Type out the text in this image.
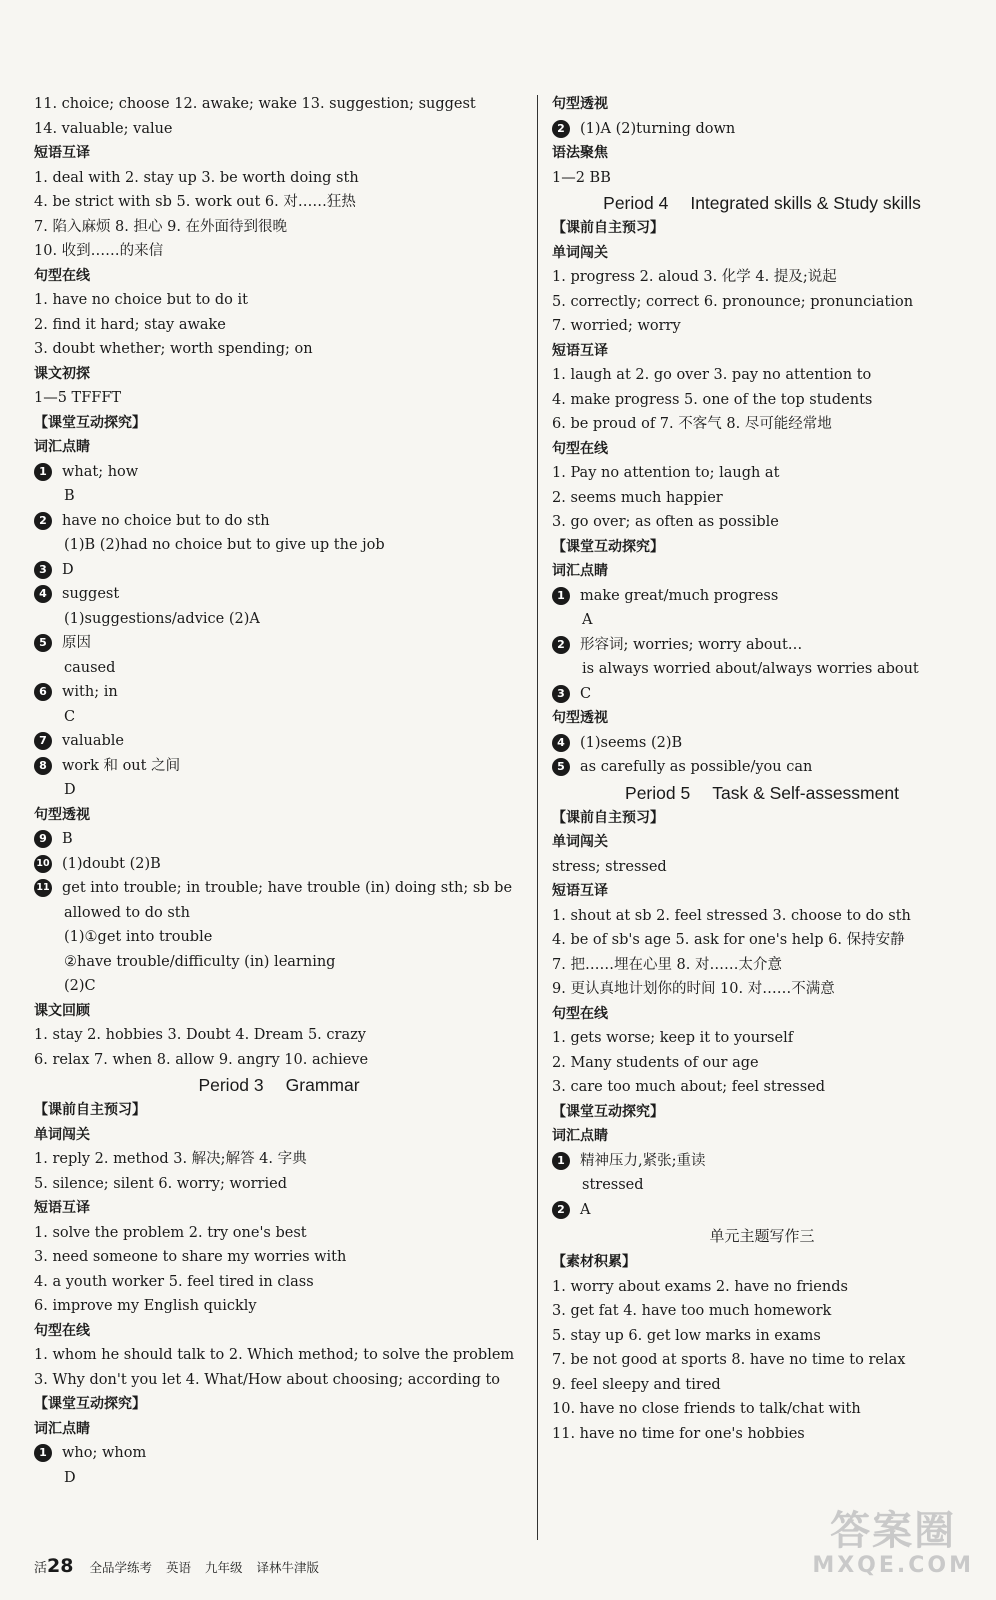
11. choice; choose 12. awake; wake 13. suggestion; suggest
14. valuable; value
短语互译
1. deal with 2. stay up 3. be worth doing sth
4. be strict with sb 5. work out 6. 对……狂热
7. 陷入麻烦 8. 担心 9. 在外面待到很晚
10. 收到……的来信
句型在线
1. have no choice but to do it
2. find it hard; stay awake
3. doubt whether; worth spending; on
课文初探
1—5 TFFFT
【课堂互动探究】
词汇点睛
1	what; how
B
2	have no choice but to do sth
(1)B (2)had no choice but to give up the job
3	D
4	suggest
(1)suggestions/advice (2)A
5	原因
caused
6	with; in
C
7	valuable
8	work 和 out 之间
D
句型透视
9	B
10 (1)doubt (2)B
11 get into trouble; in trouble; have trouble (in) doing sth; sb be
allowed to do sth
(1)①get into trouble
②have trouble/difficulty (in) learning
(2)C
课文回顾
1. stay 2. hobbies 3. Doubt 4. Dream 5. crazy
6. relax 7. when 8. allow 9. angry 10. achieve
Period 3 Grammar
【课前自主预习】
单词闯关
1. reply 2. method 3. 解决;解答 4. 字典
5. silence; silent 6. worry; worried
短语互译
1. solve the problem 2. try one's best
3. need someone to share my worries with
4. a youth worker 5. feel tired in class
6. improve my English quickly
句型在线
1. whom he should talk to 2. Which method; to solve the problem
3. Why don't you let 4. What/How about choosing; according to
【课堂互动探究】
词汇点睛
1	who; whom
D
句型透视
2	(1)A (2)turning down
语法聚焦
1—2 BB
Period 4 Integrated skills & Study skills
【课前自主预习】
单词闯关
1. progress 2. aloud 3. 化学 4. 提及;说起
5. correctly; correct 6. pronounce; pronunciation
7. worried; worry
短语互译
1. laugh at 2. go over 3. pay no attention to
4. make progress 5. one of the top students
6. be proud of 7. 不客气 8. 尽可能经常地
句型在线
1. Pay no attention to; laugh at
2. seems much happier
3. go over; as often as possible
【课堂互动探究】
词汇点睛
1	make great/much progress
A
2	形容词; worries; worry about…
is always worried about/always worries about
3	C
句型透视
4	(1)seems (2)B
5	as carefully as possible/you can
Period 5 Task & Self-assessment
【课前自主预习】
单词闯关
stress; stressed
短语互译
1. shout at sb 2. feel stressed 3. choose to do sth
4. be of sb's age 5. ask for one's help 6. 保持安静
7. 把……埋在心里 8. 对……太介意
9. 更认真地计划你的时间 10. 对……不满意
句型在线
1. gets worse; keep it to yourself
2. Many students of our age
3. care too much about; feel stressed
【课堂互动探究】
词汇点睛
1	精神压力,紧张;重读
stressed
2	A
单元主题写作三
【素材积累】
1. worry about exams 2. have no friends
3. get fat 4. have too much homework
5. stay up 6. get low marks in exams
7. be not good at sports 8. have no time to relax
9. feel sleepy and tired
10. have no close friends to talk/chat with
11. have no time for one's hobbies
活 28 全品学练考 英语 九年级 译林牛津版
答案圈
MXQE.COM
